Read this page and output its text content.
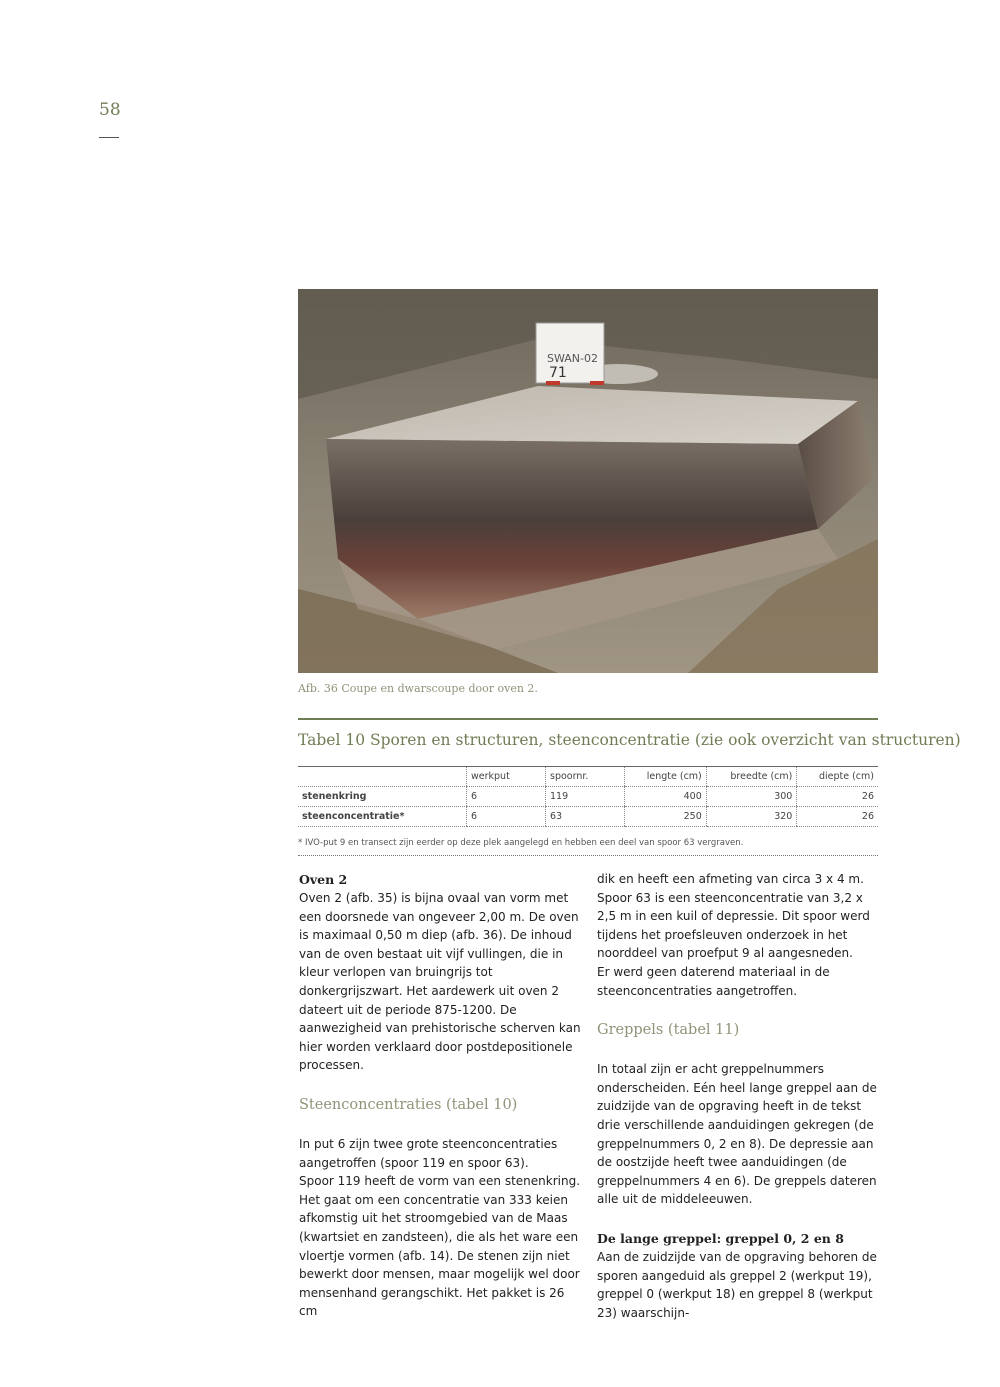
58
SWAN-02
71
Afb. 36 Coupe en dwarscoupe door oven 2.
Tabel 10 Sporen en structuren, steenconcentratie (zie ook overzicht van structuren)
	werkput	spoornr.	lengte (cm)	breedte (cm)	diepte (cm)
stenenkring	6	119	400	300	26
steenconcentratie*	6	63	250	320	26
* IVO-put 9 en transect zijn eerder op deze plek aangelegd en hebben een deel van spoor 63 vergraven.

Oven 2

Oven 2 (afb. 35) is bijna ovaal van vorm met een doorsnede van ongeveer 2,00 m. De oven is maximaal 0,50 m diep (afb. 36). De inhoud van de oven bestaat uit vijf vullingen, die in kleur verlopen van bruingrijs tot donkergrijszwart. Het aardewerk uit oven 2 dateert uit de periode 875-1200. De aanwezigheid van prehistorische scherven kan hier worden verklaard door postdepositionele processen.

Steenconcentraties (tabel 10)

In put 6 zijn twee grote steenconcentraties aangetroffen (spoor 119 en spoor 63).

Spoor 119 heeft de vorm van een stenenkring. Het gaat om een concentratie van 333 keien afkomstig uit het stroomgebied van de Maas (kwartsiet en zandsteen), die als het ware een vloertje vormen (afb. 14). De stenen zijn niet bewerkt door mensen, maar mogelijk wel door mensenhand gerangschikt. Het pakket is 26 cm

dik en heeft een afmeting van circa 3 x 4 m. Spoor 63 is een steenconcentratie van 3,2 x 2,5 m in een kuil of depressie. Dit spoor werd tijdens het proefsleuven onderzoek in het noorddeel van proefput 9 al aangesneden.

Er werd geen daterend materiaal in de steenconcentraties aangetroffen.

Greppels (tabel 11)

In totaal zijn er acht greppelnummers onderscheiden. Eén heel lange greppel aan de zuidzijde van de opgraving heeft in de tekst drie verschillende aanduidingen gekregen (de greppelnummers 0, 2 en 8). De depressie aan de oostzijde heeft twee aanduidingen (de greppelnummers 4 en 6). De greppels dateren alle uit de middeleeuwen.

De lange greppel: greppel 0, 2 en 8

Aan de zuidzijde van de opgraving behoren de sporen aangeduid als greppel 2 (werkput 19), greppel 0 (werkput 18) en greppel 8 (werkput 23) waarschijn-
